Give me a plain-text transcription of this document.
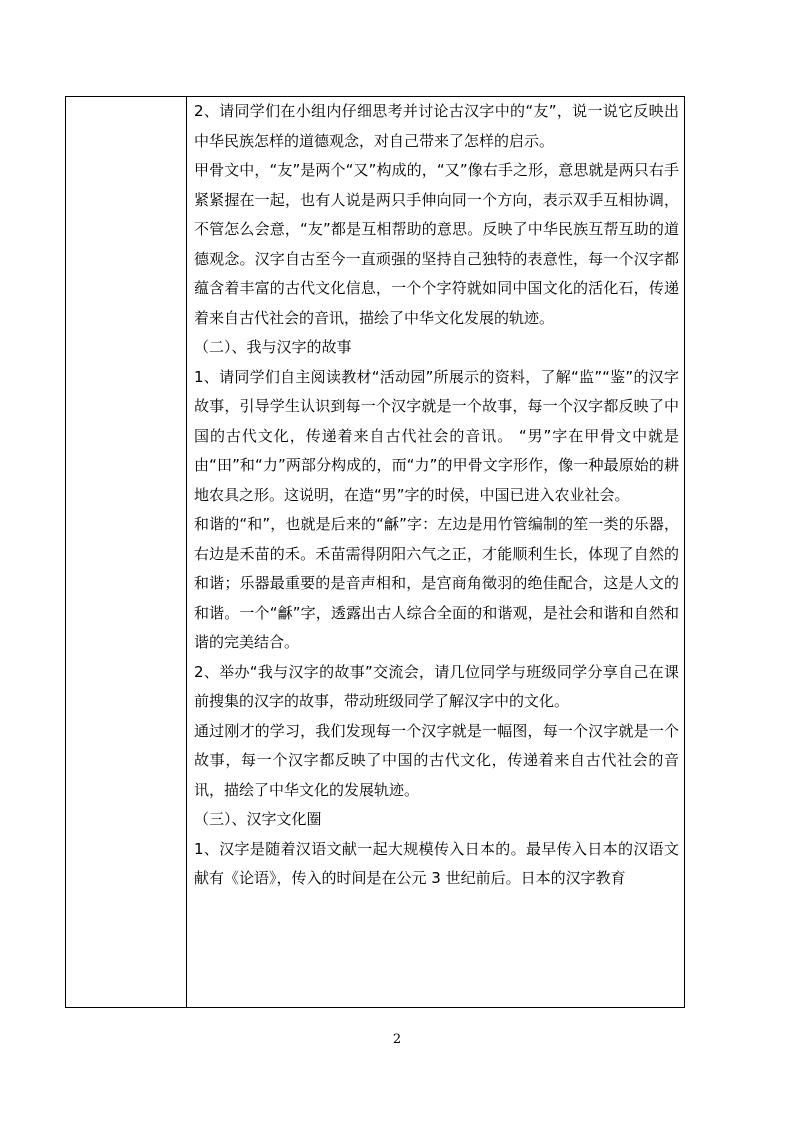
2、请同学们在小组内仔细思考并讨论古汉字中的“友”，说一说它反映出中华民族怎样的道德观念，对自己带来了怎样的启示。

甲骨文中，“友”是两个“又”构成的，“又”像右手之形，意思就是两只右手紧紧握在一起，也有人说是两只手伸向同一个方向，表示双手互相协调，不管怎么会意，“友”都是互相帮助的意思。反映了中华民族互帮互助的道德观念。汉字自古至今一直顽强的坚持自己独特的表意性，每一个汉字都蕴含着丰富的古代文化信息，一个个字符就如同中国文化的活化石，传递着来自古代社会的音讯，描绘了中华文化发展的轨迹。

（二）、我与汉字的故事

1、请同学们自主阅读教材“活动园”所展示的资料，了解“监”“鉴”的汉字故事，引导学生认识到每一个汉字就是一个故事，每一个汉字都反映了中国的古代文化，传递着来自古代社会的音讯。 “男”字在甲骨文中就是由“田”和“力”两部分构成的，而“力”的甲骨文字形作，像一种最原始的耕地农具之形。这说明，在造“男”字的时侯，中国已进入农业社会。

和谐的“和”，也就是后来的“龢”字：左边是用竹管编制的笙一类的乐器，右边是禾苗的禾。禾苗需得阴阳六气之正，才能顺利生长，体现了自然的和谐；乐器最重要的是音声相和，是宫商角徵羽的绝佳配合，这是人文的和谐。一个“龢”字，透露出古人综合全面的和谐观，是社会和谐和自然和谐的完美结合。

2、举办“我与汉字的故事”交流会，请几位同学与班级同学分享自己在课前搜集的汉字的故事，带动班级同学了解汉字中的文化。

通过刚才的学习，我们发现每一个汉字就是一幅图，每一个汉字就是一个故事，每一个汉字都反映了中国的古代文化，传递着来自古代社会的音讯，描绘了中华文化的发展轨迹。

（三）、汉字文化圈

1、汉字是随着汉语文献一起大规模传入日本的。最早传入日本的汉语文献有《论语》，传入的时间是在公元 3 世纪前后。日本的汉字教育

2
